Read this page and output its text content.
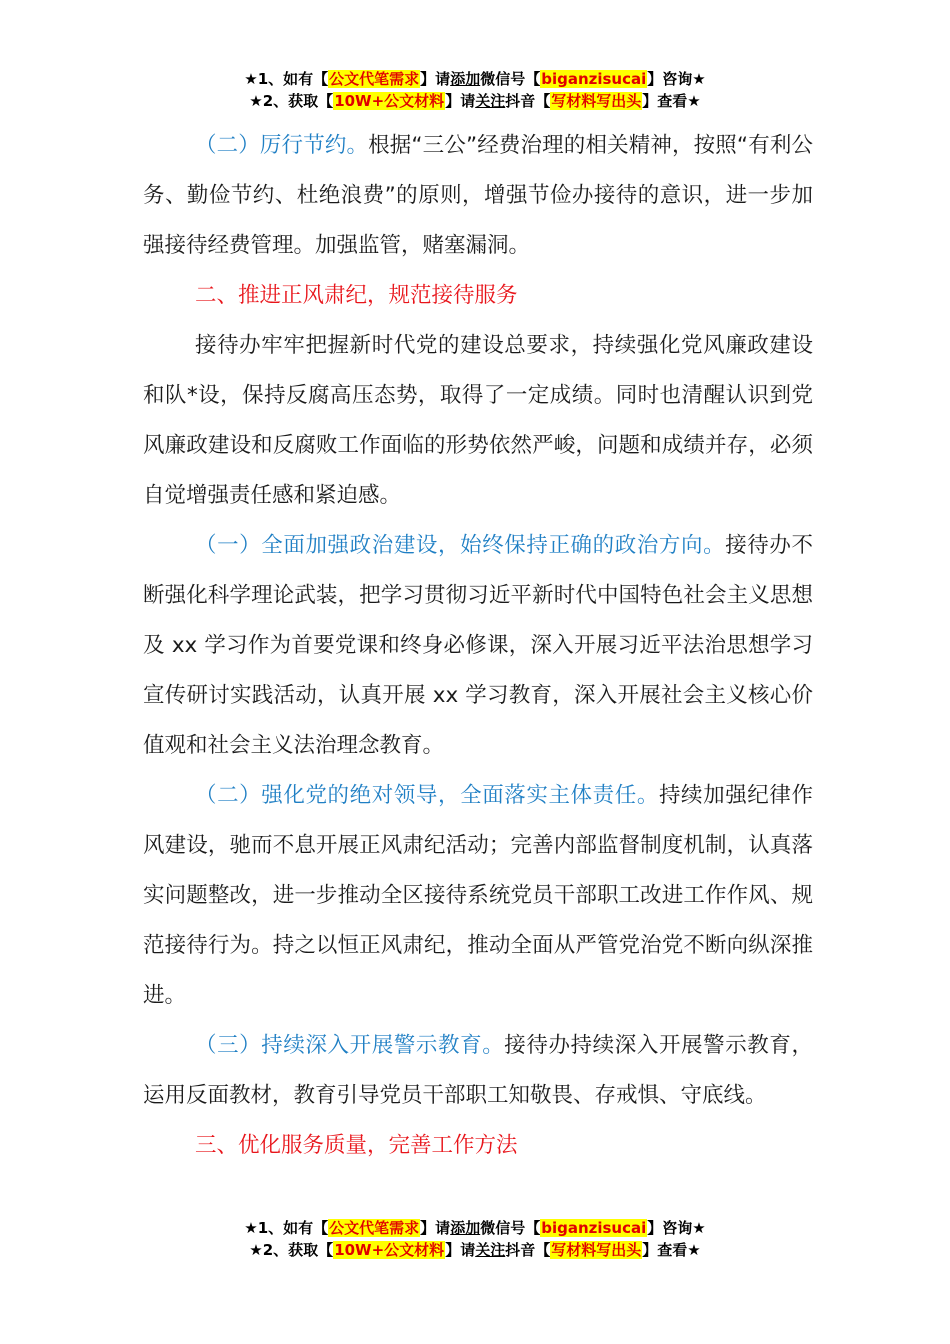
★1、如有【公文代笔需求】请添加微信号【biganzisucai】咨询★
★2、获取【10W+公文材料】请关注抖音【写材料写出头】查看★

（二）厉行节约。根据“三公”经费治理的相关精神，按照“有利公务、勤俭节约、杜绝浪费”的原则，增强节俭办接待的意识，进一步加强接待经费管理。加强监管，赌塞漏洞。

二、推进正风肃纪，规范接待服务

接待办牢牢把握新时代党的建设总要求，持续强化党风廉政建设和队*设，保持反腐高压态势，取得了一定成绩。同时也清醒认识到党风廉政建设和反腐败工作面临的形势依然严峻，问题和成绩并存，必须自觉增强责任感和紧迫感。

（一）全面加强政治建设，始终保持正确的政治方向。接待办不断强化科学理论武装，把学习贯彻习近平新时代中国特色社会主义思想及 xx 学习作为首要党课和终身必修课，深入开展习近平法治思想学习宣传研讨实践活动，认真开展 xx 学习教育，深入开展社会主义核心价值观和社会主义法治理念教育。

（二）强化党的绝对领导，全面落实主体责任。持续加强纪律作风建设，驰而不息开展正风肃纪活动；完善内部监督制度机制，认真落实问题整改，进一步推动全区接待系统党员干部职工改进工作作风、规范接待行为。持之以恒正风肃纪，推动全面从严管党治党不断向纵深推进。

（三）持续深入开展警示教育。接待办持续深入开展警示教育，运用反面教材，教育引导党员干部职工知敬畏、存戒惧、守底线。

三、优化服务质量，完善工作方法

★1、如有【公文代笔需求】请添加微信号【biganzisucai】咨询★
★2、获取【10W+公文材料】请关注抖音【写材料写出头】查看★
